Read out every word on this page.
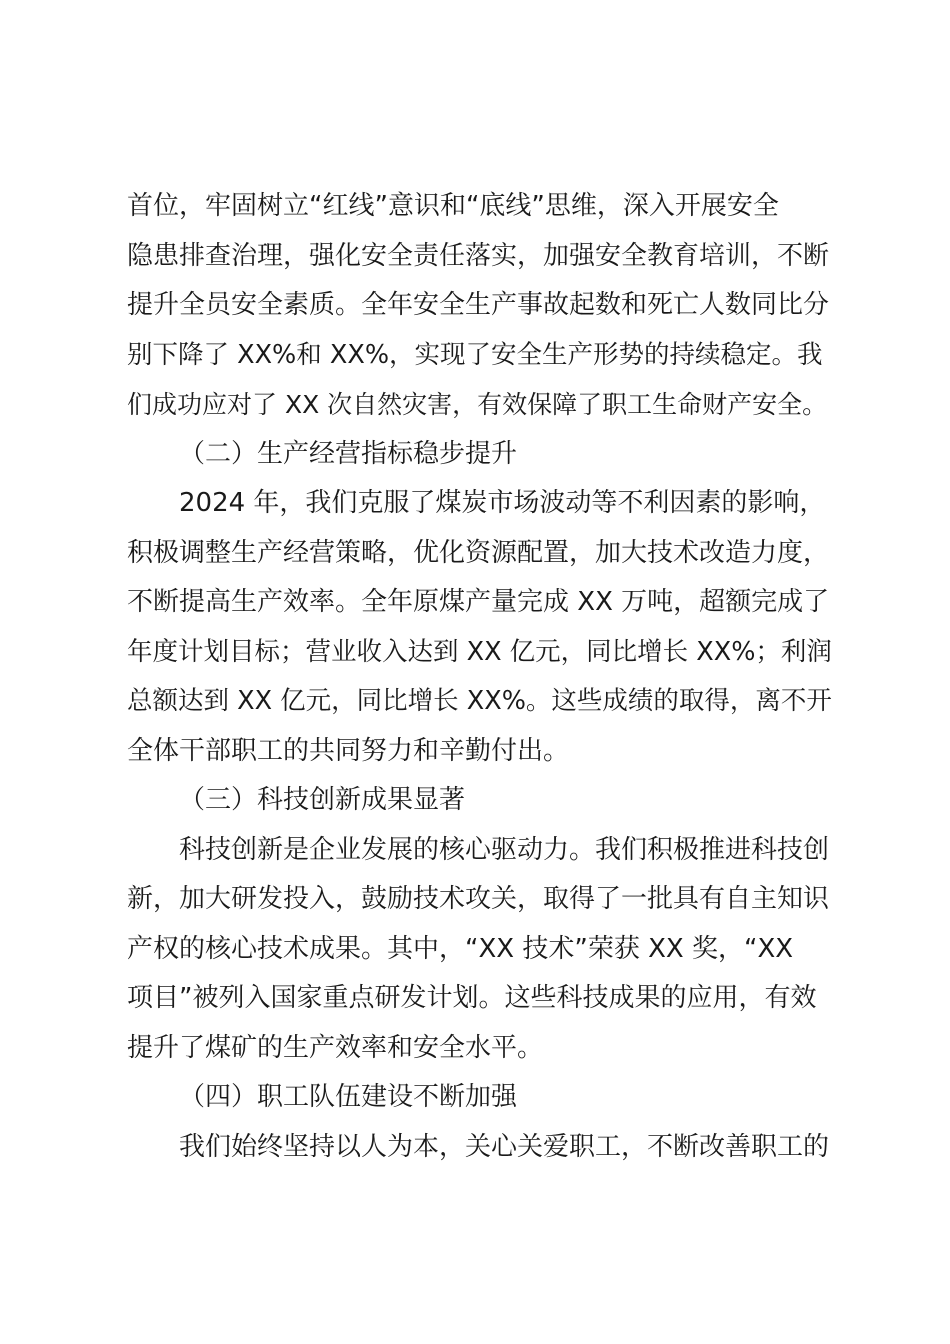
首位，牢固树立“红线”意识和“底线”思维，深入开展安全
隐患排查治理，强化安全责任落实，加强安全教育培训，不断
提升全员安全素质。全年安全生产事故起数和死亡人数同比分
别下降了 XX%和 XX%，实现了安全生产形势的持续稳定。我
们成功应对了 XX 次自然灾害，有效保障了职工生命财产安全。
（二）生产经营指标稳步提升
2024 年，我们克服了煤炭市场波动等不利因素的影响，
积极调整生产经营策略，优化资源配置，加大技术改造力度，
不断提高生产效率。全年原煤产量完成 XX 万吨，超额完成了
年度计划目标；营业收入达到 XX 亿元，同比增长 XX%；利润
总额达到 XX 亿元，同比增长 XX%。这些成绩的取得，离不开
全体干部职工的共同努力和辛勤付出。
（三）科技创新成果显著
科技创新是企业发展的核心驱动力。我们积极推进科技创
新，加大研发投入，鼓励技术攻关，取得了一批具有自主知识
产权的核心技术成果。其中，“XX 技术”荣获 XX 奖，“XX
项目”被列入国家重点研发计划。这些科技成果的应用，有效
提升了煤矿的生产效率和安全水平。
（四）职工队伍建设不断加强
我们始终坚持以人为本，关心关爱职工，不断改善职工的
